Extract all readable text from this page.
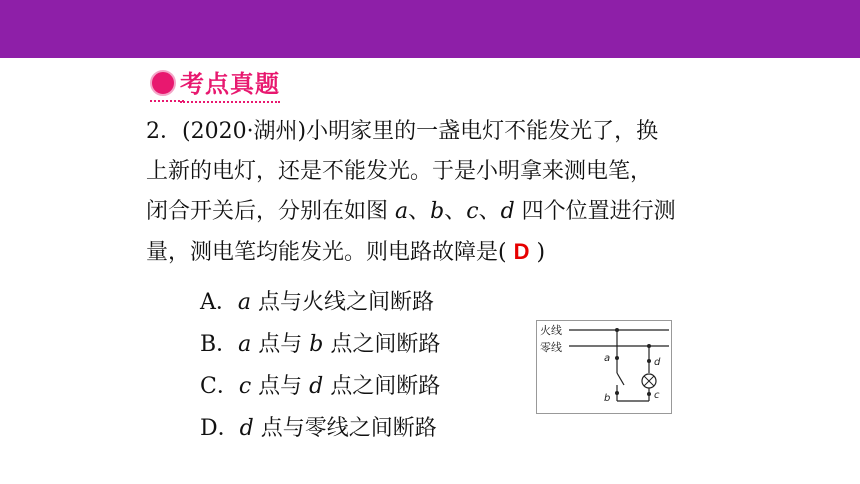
考点真题
2．(2020·湖州)小明家里的一盏电灯不能发光了，换
上新的电灯，还是不能发光。于是小明拿来测电笔，
闭合开关后，分别在如图 a、b、c、d 四个位置进行测
量，测电笔均能发光。则电路故障是( D )
A．a 点与火线之间断路
B．a 点与 b 点之间断路
C．c 点与 d 点之间断路
D．d 点与零线之间断路
火线
零线
a
b
d
c
